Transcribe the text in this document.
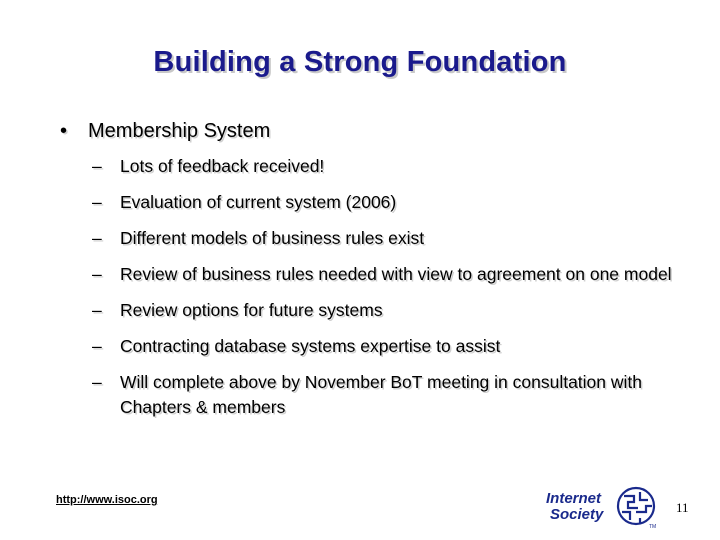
Building a Strong Foundation
• Membership System
– Lots of feedback received!
– Evaluation of current system (2006)
– Different models of business rules exist
– Review of business rules needed with view to agreement on one model
– Review options for future systems
– Contracting database systems expertise to assist
– Will complete above by November BoT meeting in consultation with Chapters & members
http://www.isoc.org	Internet
Society
TM
11
